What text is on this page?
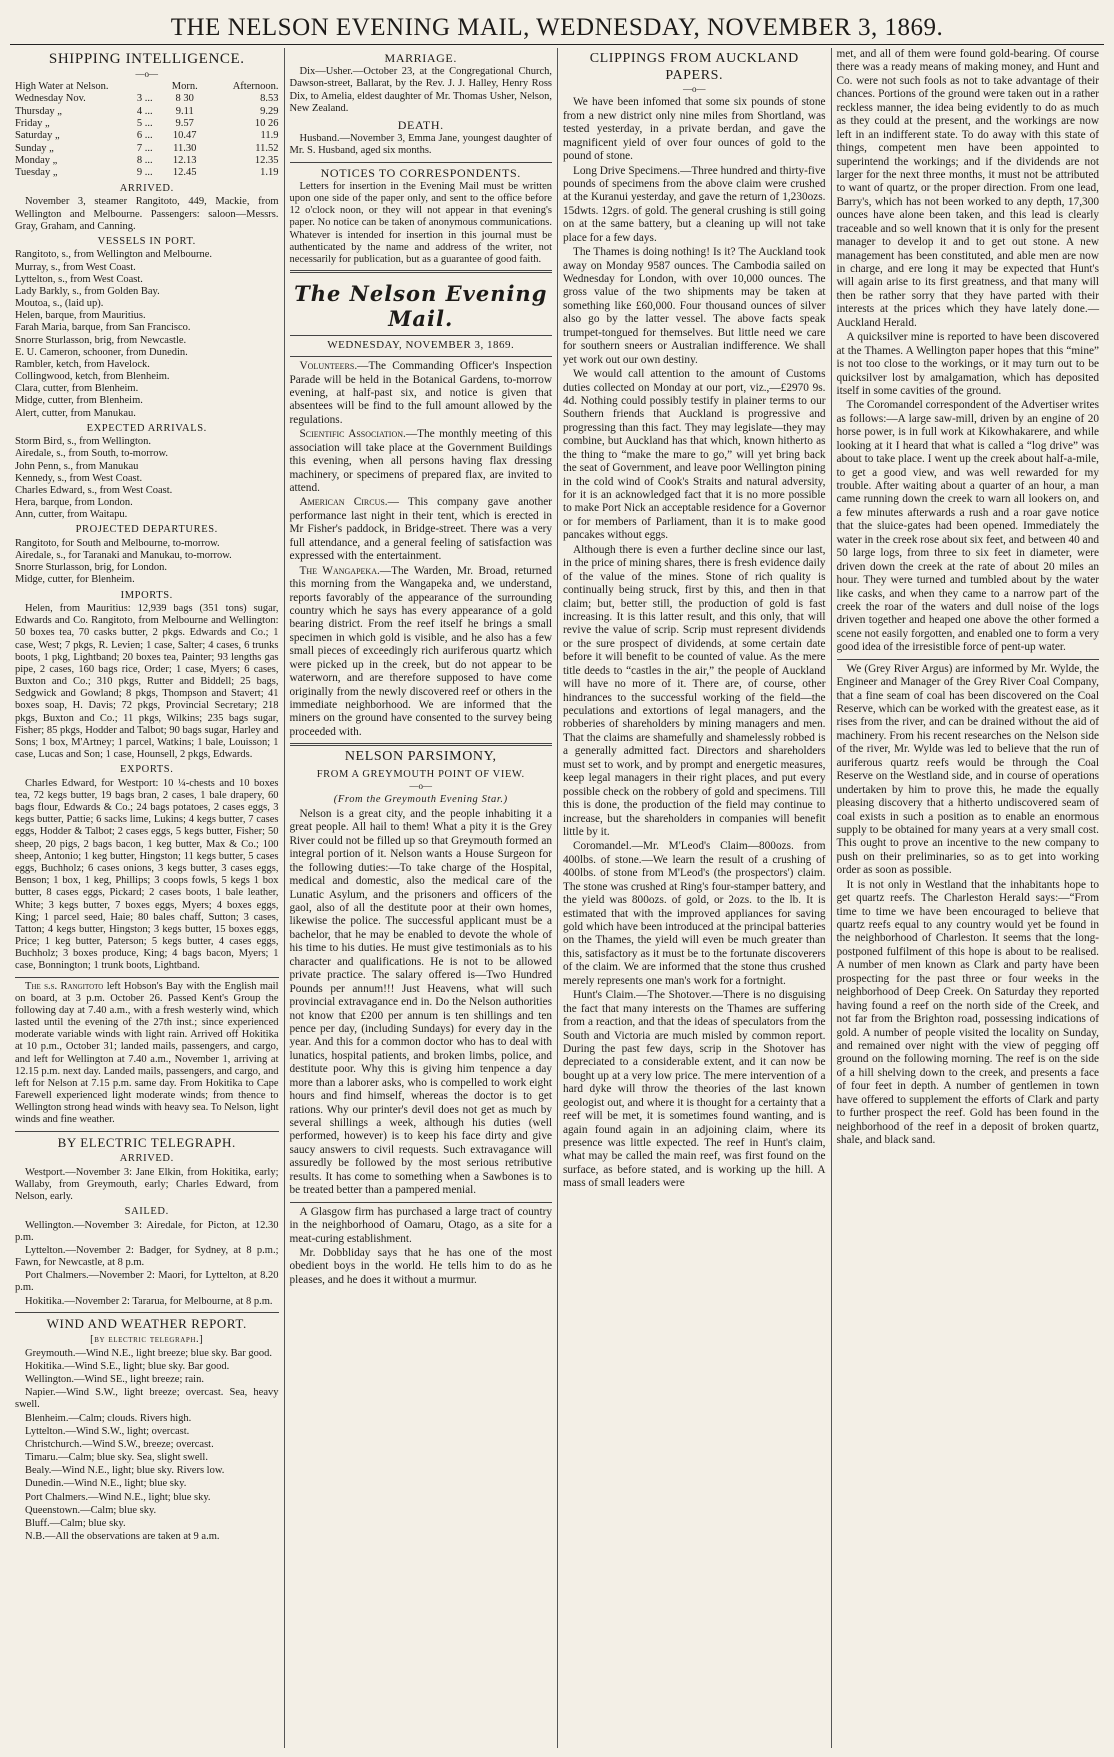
THE NELSON EVENING MAIL, WEDNESDAY, NOVEMBER 3, 1869.
SHIPPING INTELLIGENCE.
—o—
High Water at Nelson.		Morn.	Afternoon.
Wednesday Nov.	3 ...	8 30	8.53
Thursday „	4 ...	9.11	9.29
Friday „	5 ...	9.57	10 26
Saturday „	6 ...	10.47	11.9
Sunday „	7 ...	11.30	11.52
Monday „	8 ...	12.13	12.35
Tuesday „	9 ...	12.45	1.19
ARRIVED.

November 3, steamer Rangitoto, 449, Mackie, from Wellington and Melbourne. Passengers: saloon—Messrs. Gray, Graham, and Canning.

VESSELS IN PORT.
Rangitoto, s., from Wellington and Melbourne.
Murray, s., from West Coast.
Lyttelton, s., from West Coast.
Lady Barkly, s., from Golden Bay.
Moutoa, s., (laid up).
Helen, barque, from Mauritius.
Farah Maria, barque, from San Francisco.
Snorre Sturlasson, brig, from Newcastle.
E. U. Cameron, schooner, from Dunedin.
Rambler, ketch, from Havelock.
Collingwood, ketch, from Blenheim.
Clara, cutter, from Blenheim.
Midge, cutter, from Blenheim.
Alert, cutter, from Manukau.
EXPECTED ARRIVALS.
Storm Bird, s., from Wellington.
Airedale, s., from South, to-morrow.
John Penn, s., from Manukau
Kennedy, s., from West Coast.
Charles Edward, s., from West Coast.
Hera, barque, from London.
Ann, cutter, from Waitapu.
PROJECTED DEPARTURES.
Rangitoto, for South and Melbourne, to-morrow.
Airedale, s., for Taranaki and Manukau, to-morrow.
Snorre Sturlasson, brig, for London.
Midge, cutter, for Blenheim.
IMPORTS.

Helen, from Mauritius: 12,939 bags (351 tons) sugar, Edwards and Co. Rangitoto, from Melbourne and Wellington: 50 boxes tea, 70 casks butter, 2 pkgs. Edwards and Co.; 1 case, West; 7 pkgs, R. Levien; 1 case, Salter; 4 cases, 6 trunks boots, 1 pkg, Lightband; 20 boxes tea, Painter; 93 lengths gas pipe, 2 cases, 160 bags rice, Order; 1 case, Myers; 6 cases, Buxton and Co.; 310 pkgs, Rutter and Biddell; 25 bags, Sedgwick and Gowland; 8 pkgs, Thompson and Stavert; 41 boxes soap, H. Davis; 72 pkgs, Provincial Secretary; 218 pkgs, Buxton and Co.; 11 pkgs, Wilkins; 235 bags sugar, Fisher; 85 pkgs, Hodder and Talbot; 90 bags sugar, Harley and Sons; 1 box, M'Artney; 1 parcel, Watkins; 1 bale, Louisson; 1 case, Lucas and Son; 1 case, Hounsell, 2 pkgs, Edwards.

EXPORTS.

Charles Edward, for Westport: 10 ¼-chests and 10 boxes tea, 72 kegs butter, 19 bags bran, 2 cases, 1 bale drapery, 60 bags flour, Edwards & Co.; 24 bags potatoes, 2 cases eggs, 3 kegs butter, Pattie; 6 sacks lime, Lukins; 4 kegs butter, 7 cases eggs, Hodder & Talbot; 2 cases eggs, 5 kegs butter, Fisher; 50 sheep, 20 pigs, 2 bags bacon, 1 keg butter, Max & Co.; 100 sheep, Antonio; 1 keg butter, Hingston; 11 kegs butter, 5 cases eggs, Buchholz; 6 cases onions, 3 kegs butter, 3 cases eggs, Benson; 1 box, 1 keg, Phillips; 3 coops fowls, 5 kegs 1 box butter, 8 cases eggs, Pickard; 2 cases boots, 1 bale leather, White; 3 kegs butter, 7 boxes eggs, Myers; 4 boxes eggs, King; 1 parcel seed, Haie; 80 bales chaff, Sutton; 3 cases, Tatton; 4 kegs butter, Hingston; 3 kegs butter, 15 boxes eggs, Price; 1 keg butter, Paterson; 5 kegs butter, 4 cases eggs, Buchholz; 3 boxes produce, King; 4 bags bacon, Myers; 1 case, Bonnington; 1 trunk boots, Lightband.

The s.s. Rangitoto left Hobson's Bay with the English mail on board, at 3 p.m. October 26. Passed Kent's Group the following day at 7.40 a.m., with a fresh westerly wind, which lasted until the evening of the 27th inst.; since experienced moderate variable winds with light rain. Arrived off Hokitika at 10 p.m., October 31; landed mails, passengers, and cargo, and left for Wellington at 7.40 a.m., November 1, arriving at 12.15 p.m. next day. Landed mails, passengers, and cargo, and left for Nelson at 7.15 p.m. same day. From Hokitika to Cape Farewell experienced light moderate winds; from thence to Wellington strong head winds with heavy sea. To Nelson, light winds and fine weather.

BY ELECTRIC TELEGRAPH.
ARRIVED.

Westport.—November 3: Jane Elkin, from Hokitika, early; Wallaby, from Greymouth, early; Charles Edward, from Nelson, early.

SAILED.

Wellington.—November 3: Airedale, for Picton, at 12.30 p.m.

Lyttelton.—November 2: Badger, for Sydney, at 8 p.m.; Fawn, for Newcastle, at 8 p.m.

Port Chalmers.—November 2: Maori, for Lyttelton, at 8.20 p.m.

Hokitika.—November 2: Tararua, for Melbourne, at 8 p.m.

WIND AND WEATHER REPORT.
[by electric telegraph.]

Greymouth.—Wind N.E., light breeze; blue sky. Bar good.

Hokitika.—Wind S.E., light; blue sky. Bar good.

Wellington.—Wind SE., light breeze; rain.

Napier.—Wind S.W., light breeze; overcast. Sea, heavy swell.

Blenheim.—Calm; clouds. Rivers high.

Lyttelton.—Wind S.W., light; overcast.

Christchurch.—Wind S.W., breeze; overcast.

Timaru.—Calm; blue sky. Sea, slight swell.

Bealy.—Wind N.E., light; blue sky. Rivers low.

Dunedin.—Wind N.E., light; blue sky.

Port Chalmers.—Wind N.E., light; blue sky.

Queenstown.—Calm; blue sky.

Bluff.—Calm; blue sky.

N.B.—All the observations are taken at 9 a.m.

MARRIAGE.

Dix—Usher.—October 23, at the Congregational Church, Dawson-street, Ballarat, by the Rev. J. J. Halley, Henry Ross Dix, to Amelia, eldest daughter of Mr. Thomas Usher, Nelson, New Zealand.

DEATH.

Husband.—November 3, Emma Jane, youngest daughter of Mr. S. Husband, aged six months.

NOTICES TO CORRESPONDENTS.

Letters for insertion in the Evening Mail must be written upon one side of the paper only, and sent to the office before 12 o'clock noon, or they will not appear in that evening's paper. No notice can be taken of anonymous communications. Whatever is intended for insertion in this journal must be authenticated by the name and address of the writer, not necessarily for publication, but as a guarantee of good faith.

The Nelson Evening Mail.
WEDNESDAY, NOVEMBER 3, 1869.

Volunteers.—The Commanding Officer's Inspection Parade will be held in the Botanical Gardens, to-morrow evening, at half-past six, and notice is given that absentees will be find to the full amount allowed by the regulations.

Scientific Association.—The monthly meeting of this association will take place at the Government Buildings this evening, when all persons having flax dressing machinery, or specimens of prepared flax, are invited to attend.

American Circus.— This company gave another performance last night in their tent, which is erected in Mr Fisher's paddock, in Bridge-street. There was a very full attendance, and a general feeling of satisfaction was expressed with the entertainment.

The Wangapeka.—The Warden, Mr. Broad, returned this morning from the Wangapeka and, we understand, reports favorably of the appearance of the surrounding country which he says has every appearance of a gold bearing district. From the reef itself he brings a small specimen in which gold is visible, and he also has a few small pieces of exceedingly rich auriferous quartz which were picked up in the creek, but do not appear to be waterworn, and are therefore supposed to have come originally from the newly discovered reef or others in the immediate neighborhood. We are informed that the miners on the ground have consented to the survey being proceeded with.

NELSON PARSIMONY,
FROM A GREYMOUTH POINT OF VIEW.
—o—
(From the Greymouth Evening Star.)

Nelson is a great city, and the people inhabiting it a great people. All hail to them! What a pity it is the Grey River could not be filled up so that Greymouth formed an integral portion of it. Nelson wants a House Surgeon for the following duties:—To take charge of the Hospital, medical and domestic, also the medical care of the Lunatic Asylum, and the prisoners and officers of the gaol, also of all the destitute poor at their own homes, likewise the police. The successful applicant must be a bachelor, that he may be enabled to devote the whole of his time to his duties. He must give testimonials as to his character and qualifications. He is not to be allowed private practice. The salary offered is—Two Hundred Pounds per annum!!! Just Heavens, what will such provincial extravagance end in. Do the Nelson authorities not know that £200 per annum is ten shillings and ten pence per day, (including Sundays) for every day in the year. And this for a common doctor who has to deal with lunatics, hospital patients, and broken limbs, police, and destitute poor. Why this is giving him tenpence a day more than a laborer asks, who is compelled to work eight hours and find himself, whereas the doctor is to get rations. Why our printer's devil does not get as much by several shillings a week, although his duties (well performed, however) is to keep his face dirty and give saucy answers to civil requests. Such extravagance will assuredly be followed by the most serious retributive results. It has come to something when a Sawbones is to be treated better than a pampered menial.

A Glasgow firm has purchased a large tract of country in the neighborhood of Oamaru, Otago, as a site for a meat-curing establishment.

Mr. Dobbliday says that he has one of the most obedient boys in the world. He tells him to do as he pleases, and he does it without a murmur.

CLIPPINGS FROM AUCKLAND PAPERS.
—o—

We have been infomed that some six pounds of stone from a new district only nine miles from Shortland, was tested yesterday, in a private berdan, and gave the magnificent yield of over four ounces of gold to the pound of stone.

Long Drive Specimens.—Three hundred and thirty-five pounds of specimens from the above claim were crushed at the Kuranui yesterday, and gave the return of 1,230ozs. 15dwts. 12grs. of gold. The general crushing is still going on at the same battery, but a cleaning up will not take place for a few days.

The Thames is doing nothing! Is it? The Auckland took away on Monday 9587 ounces. The Cambodia sailed on Wednesday for London, with over 10,000 ounces. The gross value of the two shipments may be taken at something like £60,000. Four thousand ounces of silver also go by the latter vessel. The above facts speak trumpet-tongued for themselves. But little need we care for southern sneers or Australian indifference. We shall yet work out our own destiny.

We would call attention to the amount of Customs duties collected on Monday at our port, viz.,—£2970 9s. 4d. Nothing could possibly testify in plainer terms to our Southern friends that Auckland is progressive and progressing than this fact. They may legislate—they may combine, but Auckland has that which, known hitherto as the thing to “make the mare to go,” will yet bring back the seat of Government, and leave poor Wellington pining in the cold wind of Cook's Straits and natural adversity, for it is an acknowledged fact that it is no more possible to make Port Nick an acceptable residence for a Governor or for members of Parliament, than it is to make good pancakes without eggs.

Although there is even a further decline since our last, in the price of mining shares, there is fresh evidence daily of the value of the mines. Stone of rich quality is continually being struck, first by this, and then in that claim; but, better still, the production of gold is fast increasing. It is this latter result, and this only, that will revive the value of scrip. Scrip must represent dividends or the sure prospect of dividends, at some certain date before it will benefit to be counted of value. As the mere title deeds to “castles in the air,” the people of Auckland will have no more of it. There are, of course, other hindrances to the successful working of the field—the peculations and extortions of legal managers, and the robberies of shareholders by mining managers and men. That the claims are shamefully and shamelessly robbed is a generally admitted fact. Directors and shareholders must set to work, and by prompt and energetic measures, keep legal managers in their right places, and put every possible check on the robbery of gold and specimens. Till this is done, the production of the field may continue to increase, but the shareholders in companies will benefit little by it.

Coromandel.—Mr. M'Leod's Claim—800ozs. from 400lbs. of stone.—We learn the result of a crushing of 400lbs. of stone from M'Leod's (the prospectors') claim. The stone was crushed at Ring's four-stamper battery, and the yield was 800ozs. of gold, or 2ozs. to the lb. It is estimated that with the improved appliances for saving gold which have been introduced at the principal batteries on the Thames, the yield will even be much greater than this, satisfactory as it must be to the fortunate discoverers of the claim. We are informed that the stone thus crushed merely represents one man's work for a fortnight.

Hunt's Claim.—The Shotover.—There is no disguising the fact that many interests on the Thames are suffering from a reaction, and that the ideas of speculators from the South and Victoria are much misled by common report. During the past few days, scrip in the Shotover has depreciated to a considerable extent, and it can now be bought up at a very low price. The mere intervention of a hard dyke will throw the theories of the last known geologist out, and where it is thought for a certainty that a reef will be met, it is sometimes found wanting, and is again found again in an adjoining claim, where its presence was little expected. The reef in Hunt's claim, what may be called the main reef, was first found on the surface, as before stated, and is working up the hill. A mass of small leaders were

met, and all of them were found gold-bearing. Of course there was a ready means of making money, and Hunt and Co. were not such fools as not to take advantage of their chances. Portions of the ground were taken out in a rather reckless manner, the idea being evidently to do as much as they could at the present, and the workings are now left in an indifferent state. To do away with this state of things, competent men have been appointed to superintend the workings; and if the dividends are not larger for the next three months, it must not be attributed to want of quartz, or the proper direction. From one lead, Barry's, which has not been worked to any depth, 17,300 ounces have alone been taken, and this lead is clearly traceable and so well known that it is only for the present manager to develop it and to get out stone. A new management has been constituted, and able men are now in charge, and ere long it may be expected that Hunt's will again arise to its first greatness, and that many will then be rather sorry that they have parted with their interests at the prices which they have lately done.—Auckland Herald.

A quicksilver mine is reported to have been discovered at the Thames. A Wellington paper hopes that this “mine” is not too close to the workings, or it may turn out to be quicksilver lost by amalgamation, which has deposited itself in some cavities of the ground.

The Coromandel correspondent of the Advertiser writes as follows:—A large saw-mill, driven by an engine of 20 horse power, is in full work at Kikowhakarere, and while looking at it I heard that what is called a “log drive” was about to take place. I went up the creek about half-a-mile, to get a good view, and was well rewarded for my trouble. After waiting about a quarter of an hour, a man came running down the creek to warn all lookers on, and a few minutes afterwards a rush and a roar gave notice that the sluice-gates had been opened. Immediately the water in the creek rose about six feet, and between 40 and 50 large logs, from three to six feet in diameter, were driven down the creek at the rate of about 20 miles an hour. They were turned and tumbled about by the water like casks, and when they came to a narrow part of the creek the roar of the waters and dull noise of the logs driven together and heaped one above the other formed a scene not easily forgotten, and enabled one to form a very good idea of the irresistible force of pent-up water.

We (Grey River Argus) are informed by Mr. Wylde, the Engineer and Manager of the Grey River Coal Company, that a fine seam of coal has been discovered on the Coal Reserve, which can be worked with the greatest ease, as it rises from the river, and can be drained without the aid of machinery. From his recent researches on the Nelson side of the river, Mr. Wylde was led to believe that the run of auriferous quartz reefs would be through the Coal Reserve on the Westland side, and in course of operations undertaken by him to prove this, he made the equally pleasing discovery that a hitherto undiscovered seam of coal exists in such a position as to enable an enormous supply to be obtained for many years at a very small cost. This ought to prove an incentive to the new company to push on their preliminaries, so as to get into working order as soon as possible.

It is not only in Westland that the inhabitants hope to get quartz reefs. The Charleston Herald says:—“From time to time we have been encouraged to believe that quartz reefs equal to any country would yet be found in the neighborhood of Charleston. It seems that the long-postponed fulfilment of this hope is about to be realised. A number of men known as Clark and party have been prospecting for the past three or four weeks in the neighborhood of Deep Creek. On Saturday they reported having found a reef on the north side of the Creek, and not far from the Brighton road, possessing indications of gold. A number of people visited the locality on Sunday, and remained over night with the view of pegging off ground on the following morning. The reef is on the side of a hill shelving down to the creek, and presents a face of four feet in depth. A number of gentlemen in town have offered to supplement the efforts of Clark and party to further prospect the reef. Gold has been found in the neighborhood of the reef in a deposit of broken quartz, shale, and black sand.
